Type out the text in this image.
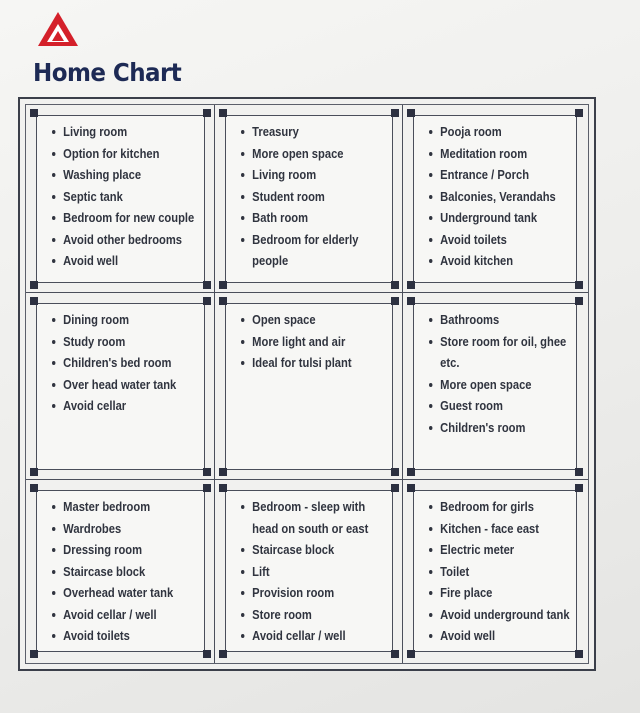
Home Chart
Living room
Option for kitchen
Washing place
Septic tank
Bedroom for new couple
Avoid other bedrooms
Avoid well
Treasury
More open space
Living room
Student room
Bath room
Bedroom for elderly people
Pooja room
Meditation room
Entrance / Porch
Balconies, Verandahs
Underground tank
Avoid toilets
Avoid kitchen
Dining room
Study room
Children's bed room
Over head water tank
Avoid cellar
Open space
More light and air
Ideal for tulsi plant
Bathrooms
Store room for oil, ghee etc.
More open space
Guest room
Children's room
Master bedroom
Wardrobes
Dressing room
Staircase block
Overhead water tank
Avoid cellar / well
Avoid toilets
Bedroom - sleep with head on south or east
Staircase block
Lift
Provision room
Store room
Avoid cellar / well
Bedroom for girls
Kitchen - face east
Electric meter
Toilet
Fire place
Avoid underground tank
Avoid well
